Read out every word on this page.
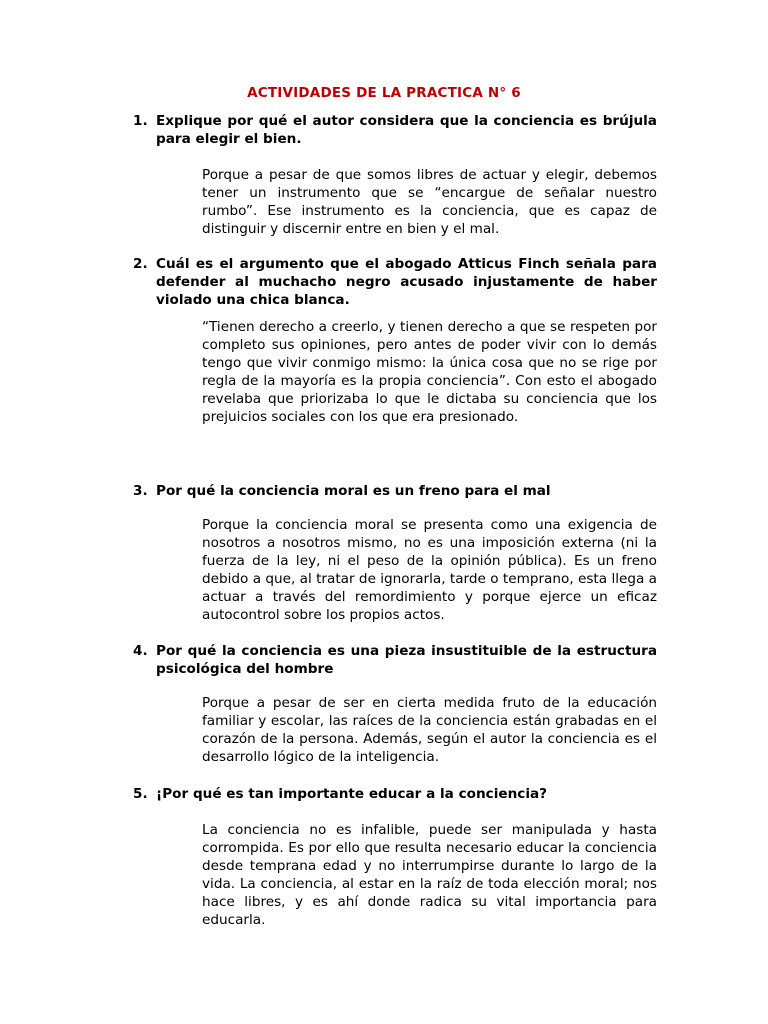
ACTIVIDADES DE LA PRACTICA N° 6
1. Explique por qué el autor considera que la conciencia es brújula para elegir el bien.
Porque a pesar de que somos libres de actuar y elegir, debemos tener un instrumento que se “encargue de señalar nuestro rumbo”. Ese instrumento es la conciencia, que es capaz de distinguir y discernir entre en bien y el mal.
2. Cuál es el argumento que el abogado Atticus Finch señala para defender al muchacho negro acusado injustamente de haber violado una chica blanca.
“Tienen derecho a creerlo, y tienen derecho a que se respeten por completo sus opiniones, pero antes de poder vivir con lo demás tengo que vivir conmigo mismo: la única cosa que no se rige por regla de la mayoría es la propia conciencia”. Con esto el abogado revelaba que priorizaba lo que le dictaba su conciencia que los prejuicios sociales con los que era presionado.
3. Por qué la conciencia moral es un freno para el mal
Porque la conciencia moral se presenta como una exigencia de nosotros a nosotros mismo, no es una imposición externa (ni la fuerza de la ley, ni el peso de la opinión pública). Es un freno debido a que, al tratar de ignorarla, tarde o temprano, esta llega a actuar a través del remordimiento y porque ejerce un eficaz autocontrol sobre los propios actos.
4. Por qué la conciencia es una pieza insustituible de la estructura psicológica del hombre
Porque a pesar de ser en cierta medida fruto de la educación familiar y escolar, las raíces de la conciencia están grabadas en el corazón de la persona. Además, según el autor la conciencia es el desarrollo lógico de la inteligencia.
5. ¡Por qué es tan importante educar a la conciencia?
La conciencia no es infalible, puede ser manipulada y hasta corrompida. Es por ello que resulta necesario educar la conciencia desde temprana edad y no interrumpirse durante lo largo de la vida. La conciencia, al estar en la raíz de toda elección moral; nos hace libres, y es ahí donde radica su vital importancia para educarla.
